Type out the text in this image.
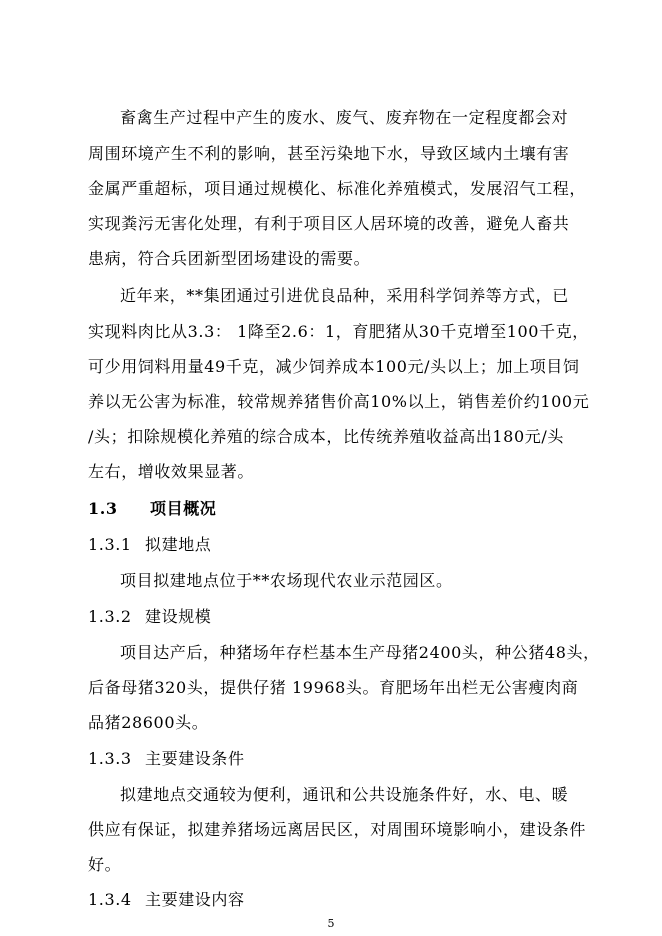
畜禽生产过程中产生的废水、废气、废弃物在一定程度都会对
周围环境产生不利的影响，甚至污染地下水，导致区域内土壤有害
金属严重超标，项目通过规模化、标准化养殖模式，发展沼气工程，
实现粪污无害化处理，有利于项目区人居环境的改善，避免人畜共
患病，符合兵团新型团场建设的需要。
近年来，**集团通过引进优良品种，采用科学饲养等方式，已
实现料肉比从3.3： 1降至2.6：1，育肥猪从30千克增至100千克，
可少用饲料用量49千克，减少饲养成本100元/头以上；加上项目饲
养以无公害为标准，较常规养猪售价高10%以上，销售差价约100元
/头；扣除规模化养殖的综合成本，比传统养殖收益高出180元/头
左右，增收效果显著。
1.3 项目概况
1.3.1 拟建地点
项目拟建地点位于**农场现代农业示范园区。
1.3.2 建设规模
项目达产后，种猪场年存栏基本生产母猪2400头，种公猪48头，
后备母猪320头，提供仔猪 19968头。育肥场年出栏无公害瘦肉商
品猪28600头。
1.3.3 主要建设条件
拟建地点交通较为便利，通讯和公共设施条件好，水、电、暖
供应有保证，拟建养猪场远离居民区，对周围环境影响小，建设条件
好。
1.3.4 主要建设内容
5
